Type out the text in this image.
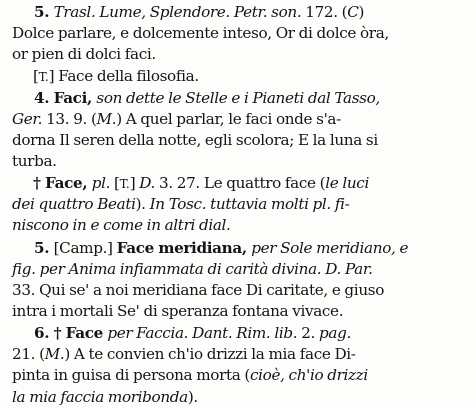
5. Trasl. Lume, Splendore. Petr. son. 172. (C)
Dolce parlare, e dolcemente inteso, Or di dolce òra,
or pien di dolci faci.
[T.] Face della filosofia.
4. Faci, son dette le Stelle e i Pianeti dal Tasso,
Ger. 13. 9. (M.) A quel parlar, le faci onde s'a-
dorna Il seren della notte, egli scolora; E la luna si
turba.
† Face, pl. [T.] D. 3. 27. Le quattro face (le luci
dei quattro Beati). In Tosc. tuttavia molti pl. fi-
niscono in e come in altri dial.
5. [Camp.] Face meridiana, per Sole meridiano, e
fig. per Anima infiammata di carità divina. D. Par.
33. Qui se' a noi meridiana face Di caritate, e giuso
intra i mortali Se' di speranza fontana vivace.
6. † Face per Faccia. Dant. Rim. lib. 2. pag.
21. (M.) A te convien ch'io drizzi la mia face Di-
pinta in guisa di persona morta (cioè, ch'io drizzi
la mia faccia moribonda).
